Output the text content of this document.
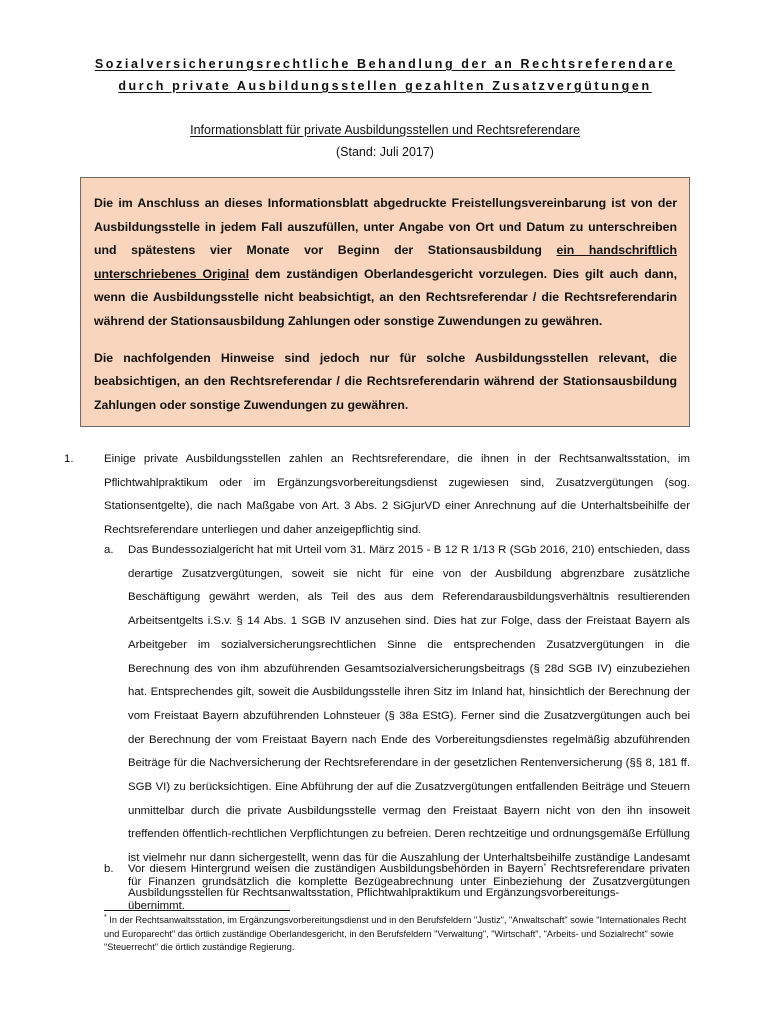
Sozialversicherungsrechtliche Behandlung der an Rechtsreferendare
durch private Ausbildungsstellen gezahlten Zusatzvergütungen
Informationsblatt für private Ausbildungsstellen und Rechtsreferendare
(Stand: Juli 2017)

Die im Anschluss an dieses Informationsblatt abgedruckte Freistellungsvereinbarung ist von der Ausbildungsstelle in jedem Fall auszufüllen, unter Angabe von Ort und Datum zu unterschreiben und spätestens vier Monate vor Beginn der Stationsausbildung ein handschriftlich unterschriebenes Original dem zuständigen Oberlandesgericht vorzulegen. Dies gilt auch dann, wenn die Ausbildungsstelle nicht beabsichtigt, an den Rechtsreferendar / die Rechtsreferendarin während der Stationsausbildung Zahlungen oder sonstige Zuwendungen zu gewähren.

Die nachfolgenden Hinweise sind jedoch nur für solche Ausbildungsstellen relevant, die beabsichtigen, an den Rechtsreferendar / die Rechtsreferendarin während der Stationsausbildung Zahlungen oder sonstige Zuwendungen zu gewähren.

1.	Einige private Ausbildungsstellen zahlen an Rechtsreferendare, die ihnen in der Rechtsanwaltsstation, im Pflichtwahlpraktikum oder im Ergänzungsvorbereitungsdienst zugewiesen sind, Zusatzvergütungen (sog. Stationsentgelte), die nach Maßgabe von Art. 3 Abs. 2 SiGjurVD einer Anrechnung auf die Unterhaltsbeihilfe der Rechtsreferendare unterliegen und daher anzeigepflichtig sind.
a. Das Bundessozialgericht hat mit Urteil vom 31. März 2015 - B 12 R 1/13 R (SGb 2016, 210) entschieden, dass derartige Zusatzvergütungen, soweit sie nicht für eine von der Ausbildung abgrenzbare zusätzliche Beschäftigung gewährt werden, als Teil des aus dem Referendarausbildungsverhältnis resultierenden Arbeitsentgelts i.S.v. § 14 Abs. 1 SGB IV anzusehen sind. Dies hat zur Folge, dass der Freistaat Bayern als Arbeitgeber im sozialversicherungsrechtlichen Sinne die entsprechenden Zusatzvergütungen in die Berechnung des von ihm abzuführenden Gesamtsozialversicherungsbeitrags (§ 28d SGB IV) einzubeziehen hat. Entsprechendes gilt, soweit die Ausbildungsstelle ihren Sitz im Inland hat, hinsichtlich der Berechnung der vom Freistaat Bayern abzuführenden Lohnsteuer (§ 38a EStG). Ferner sind die Zusatzvergütungen auch bei der Berechnung der vom Freistaat Bayern nach Ende des Vorbereitungsdienstes regelmäßig abzuführenden Beiträge für die Nachversicherung der Rechtsreferendare in der gesetzlichen Rentenversicherung (§§ 8, 181 ff. SGB VI) zu berücksichtigen. Eine Abführung der auf die Zusatzvergütungen entfallenden Beiträge und Steuern unmittelbar durch die private Ausbildungsstelle vermag den Freistaat Bayern nicht von den ihn insoweit treffenden öffentlich-rechtlichen Verpflichtungen zu befreien. Deren rechtzeitige und ordnungsgemäße Erfüllung ist vielmehr nur dann sichergestellt, wenn das für die Auszahlung der Unterhaltsbeihilfe zuständige Landesamt für Finanzen grundsätzlich die komplette Bezügeabrechnung unter Einbeziehung der Zusatzvergütungen übernimmt.
b. Vor diesem Hintergrund weisen die zuständigen Ausbildungsbehörden in Bayern* Rechtsreferendare privaten Ausbildungsstellen für Rechtsanwaltsstation, Pflichtwahlpraktikum und Ergänzungsvorbereitungs-
* In der Rechtsanwaltsstation, im Ergänzungsvorbereitungsdienst und in den Berufsfeldern "Justiz", "Anwaltschaft" sowie "Internationales Recht und Europarecht" das örtlich zuständige Oberlandesgericht, in den Berufsfeldern "Verwaltung", "Wirtschaft", "Arbeits- und Sozialrecht" sowie "Steuerrecht" die örtlich zuständige Regierung.
